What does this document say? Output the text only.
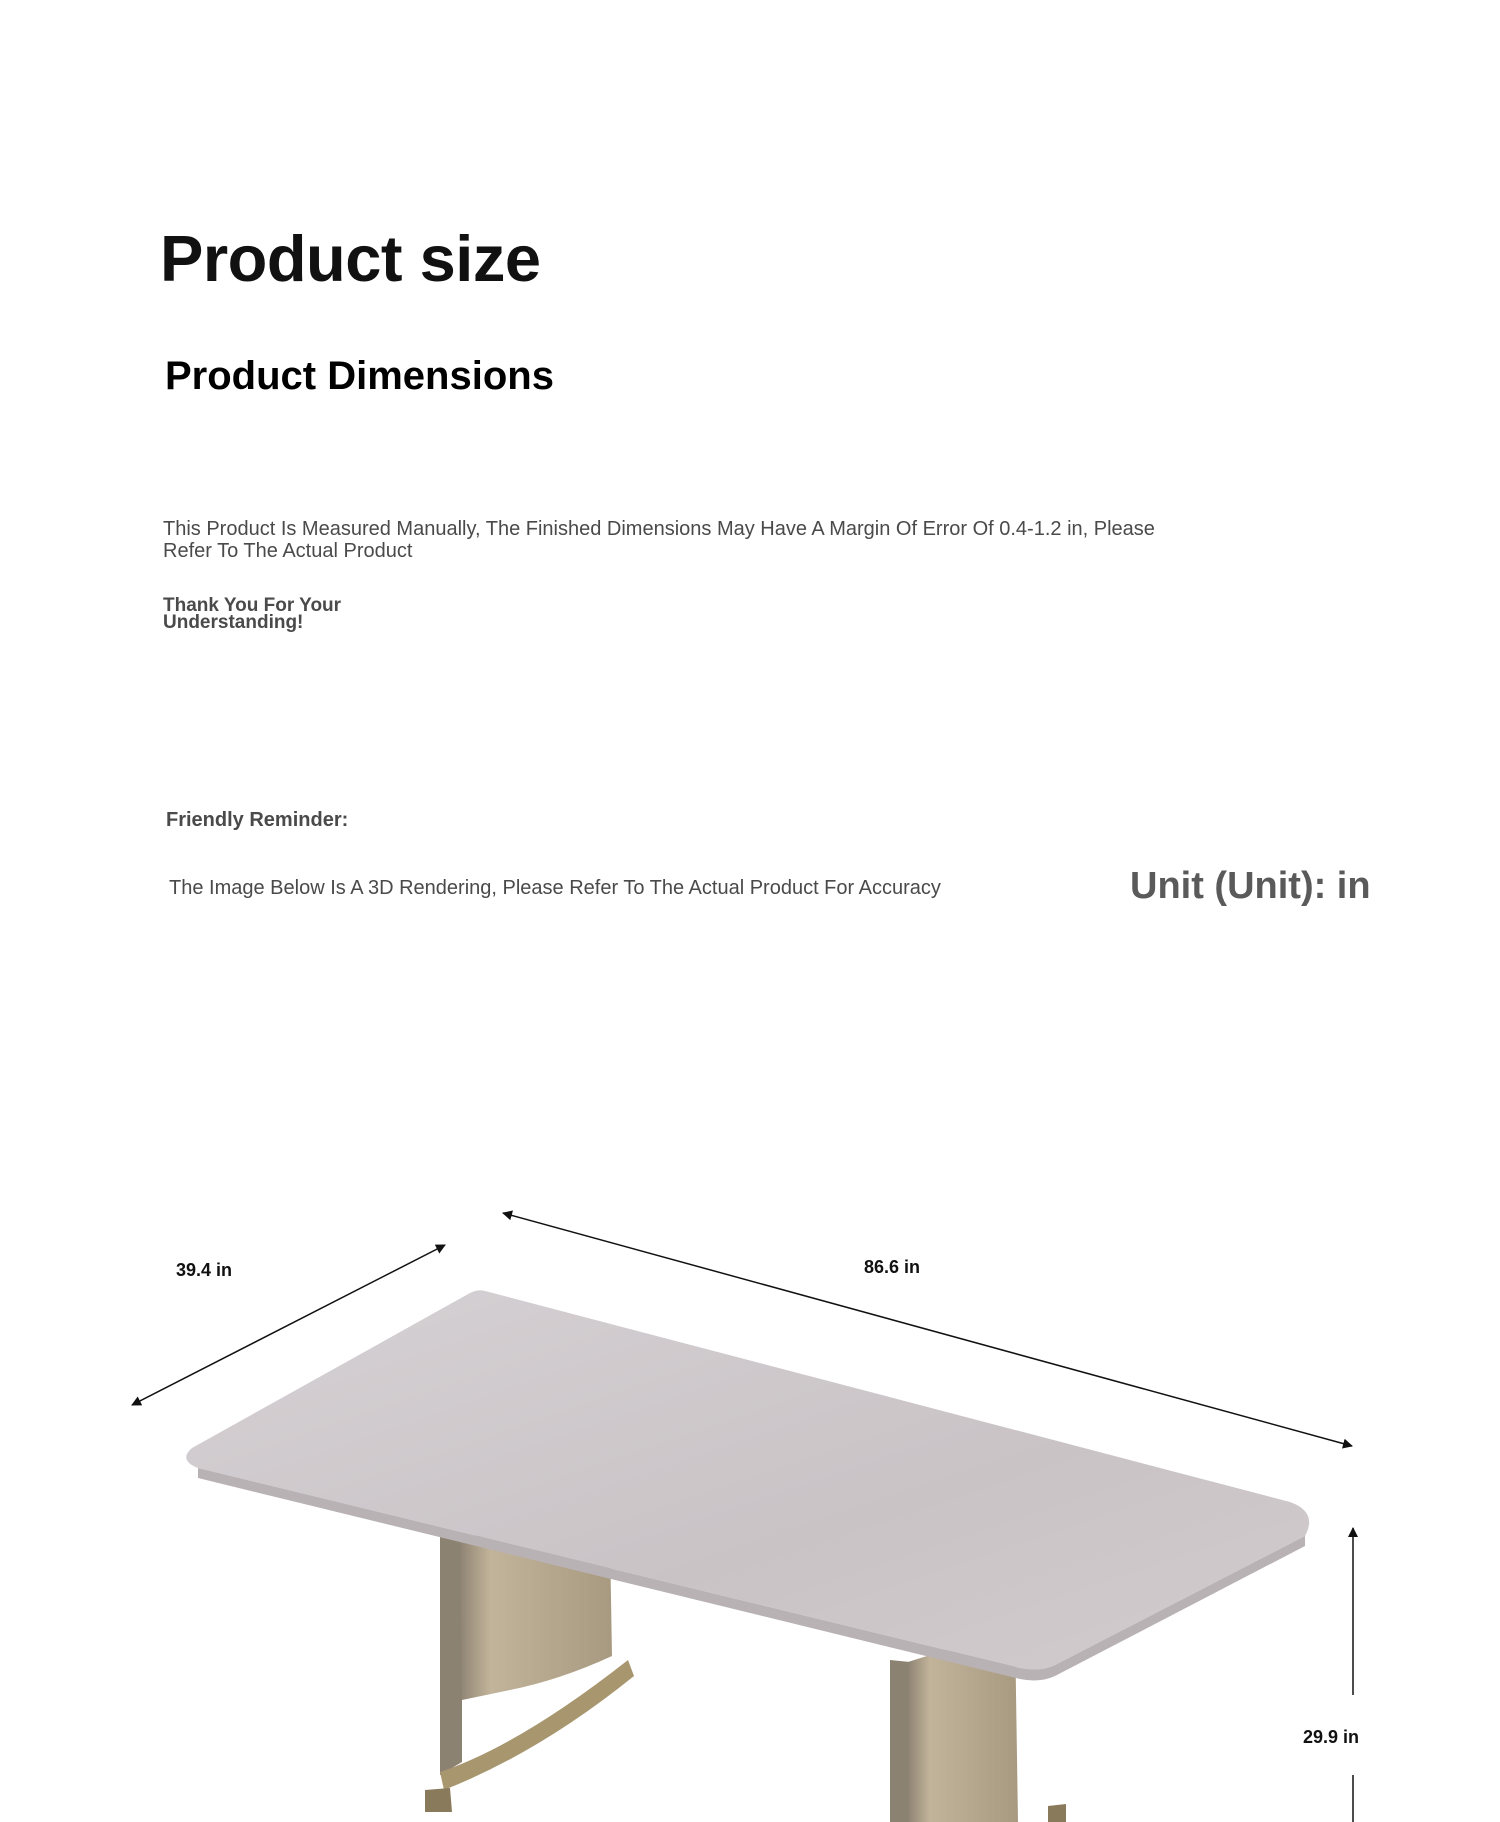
Product size
Product Dimensions
This Product Is Measured Manually, The Finished Dimensions May Have A Margin Of Error Of 0.4-1.2 in, Please Refer To The Actual Product
Thank You For Your Understanding!
Friendly Reminder:
The Image Below Is A 3D Rendering, Please Refer To The Actual Product For Accuracy	Unit (Unit): in
39.4 in	86.6 in
29.9 in
